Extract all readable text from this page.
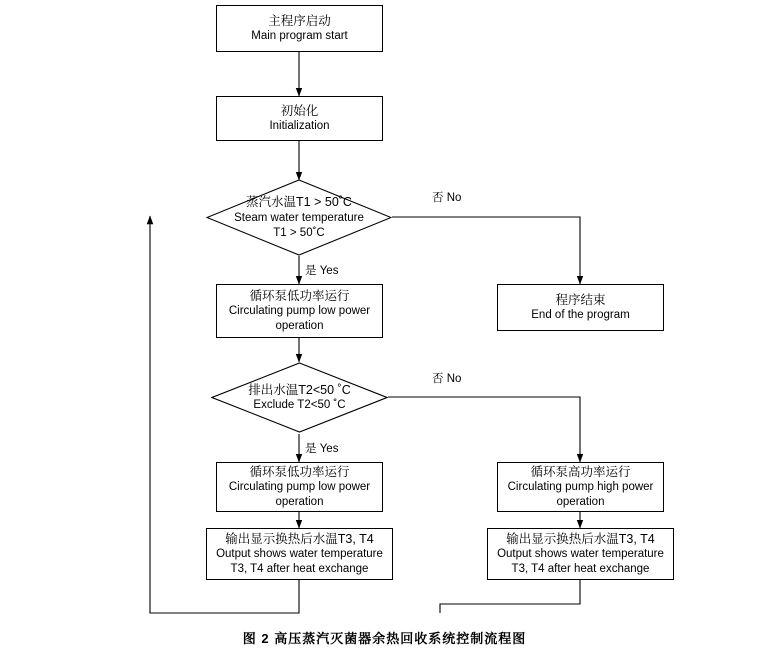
主程序启动
Main program start
初始化
Initialization
蒸汽水温T1 > 50˚C
Steam water temperature
T1 > 50˚C
否 No
是 Yes
循环泵低功率运行
Circulating pump low power
operation
程序结束
End of the program
排出水温T2<50 ˚C
Exclude T2<50 ˚C
否 No
是 Yes
循环泵低功率运行
Circulating pump low power
operation
循环泵高功率运行
Circulating pump high power
operation
输出显示换热后水温T3, T4
Output shows water temperature
T3, T4 after heat exchange
输出显示换热后水温T3, T4
Output shows water temperature
T3, T4 after heat exchange
图 2 高压蒸汽灭菌器余热回收系统控制流程图
